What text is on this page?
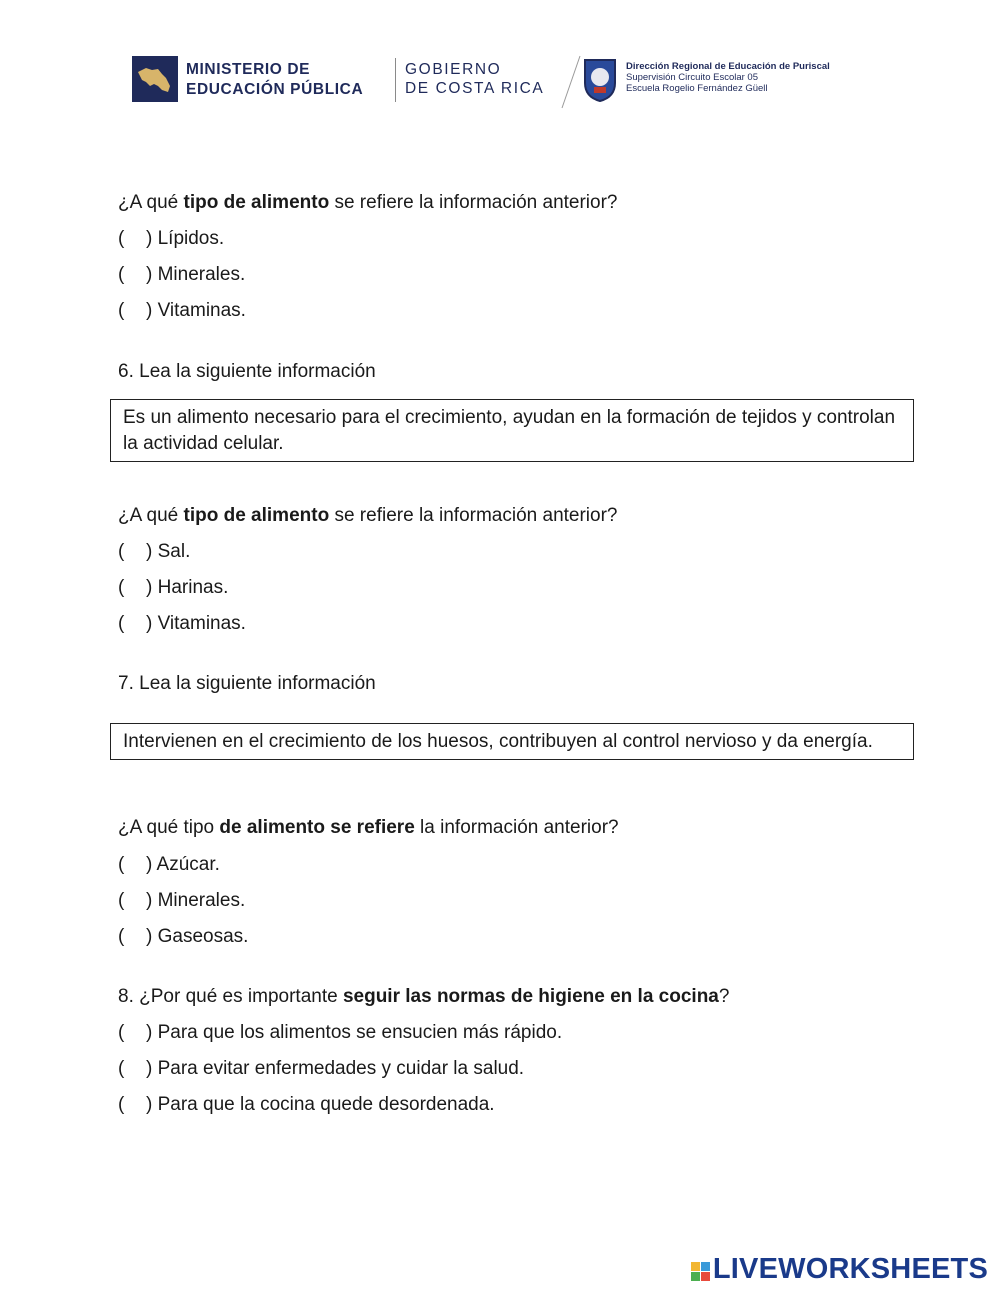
MINISTERIO DE
EDUCACIÓN PÚBLICA
GOBIERNO
DE COSTA RICA
Dirección Regional de Educación de Puriscal
Supervisión Circuito Escolar 05
Escuela Rogelio Fernández Güell
¿A qué tipo de alimento se refiere la información anterior?
( ) Lípidos.
( ) Minerales.
( ) Vitaminas.
6. Lea la siguiente información
Es un alimento necesario para el crecimiento, ayudan en la formación de tejidos y controlan la actividad celular.
¿A qué tipo de alimento se refiere la información anterior?
( ) Sal.
( ) Harinas.
( ) Vitaminas.
7. Lea la siguiente información
Intervienen en el crecimiento de los huesos, contribuyen al control nervioso y da energía.
¿A qué tipo de alimento se refiere la información anterior?
( ) Azúcar.
( ) Minerales.
( ) Gaseosas.
8. ¿Por qué es importante seguir las normas de higiene en la cocina?
( ) Para que los alimentos se ensucien más rápido.
( ) Para evitar enfermedades y cuidar la salud.
( ) Para que la cocina quede desordenada.
LIVEWORKSHEETS
